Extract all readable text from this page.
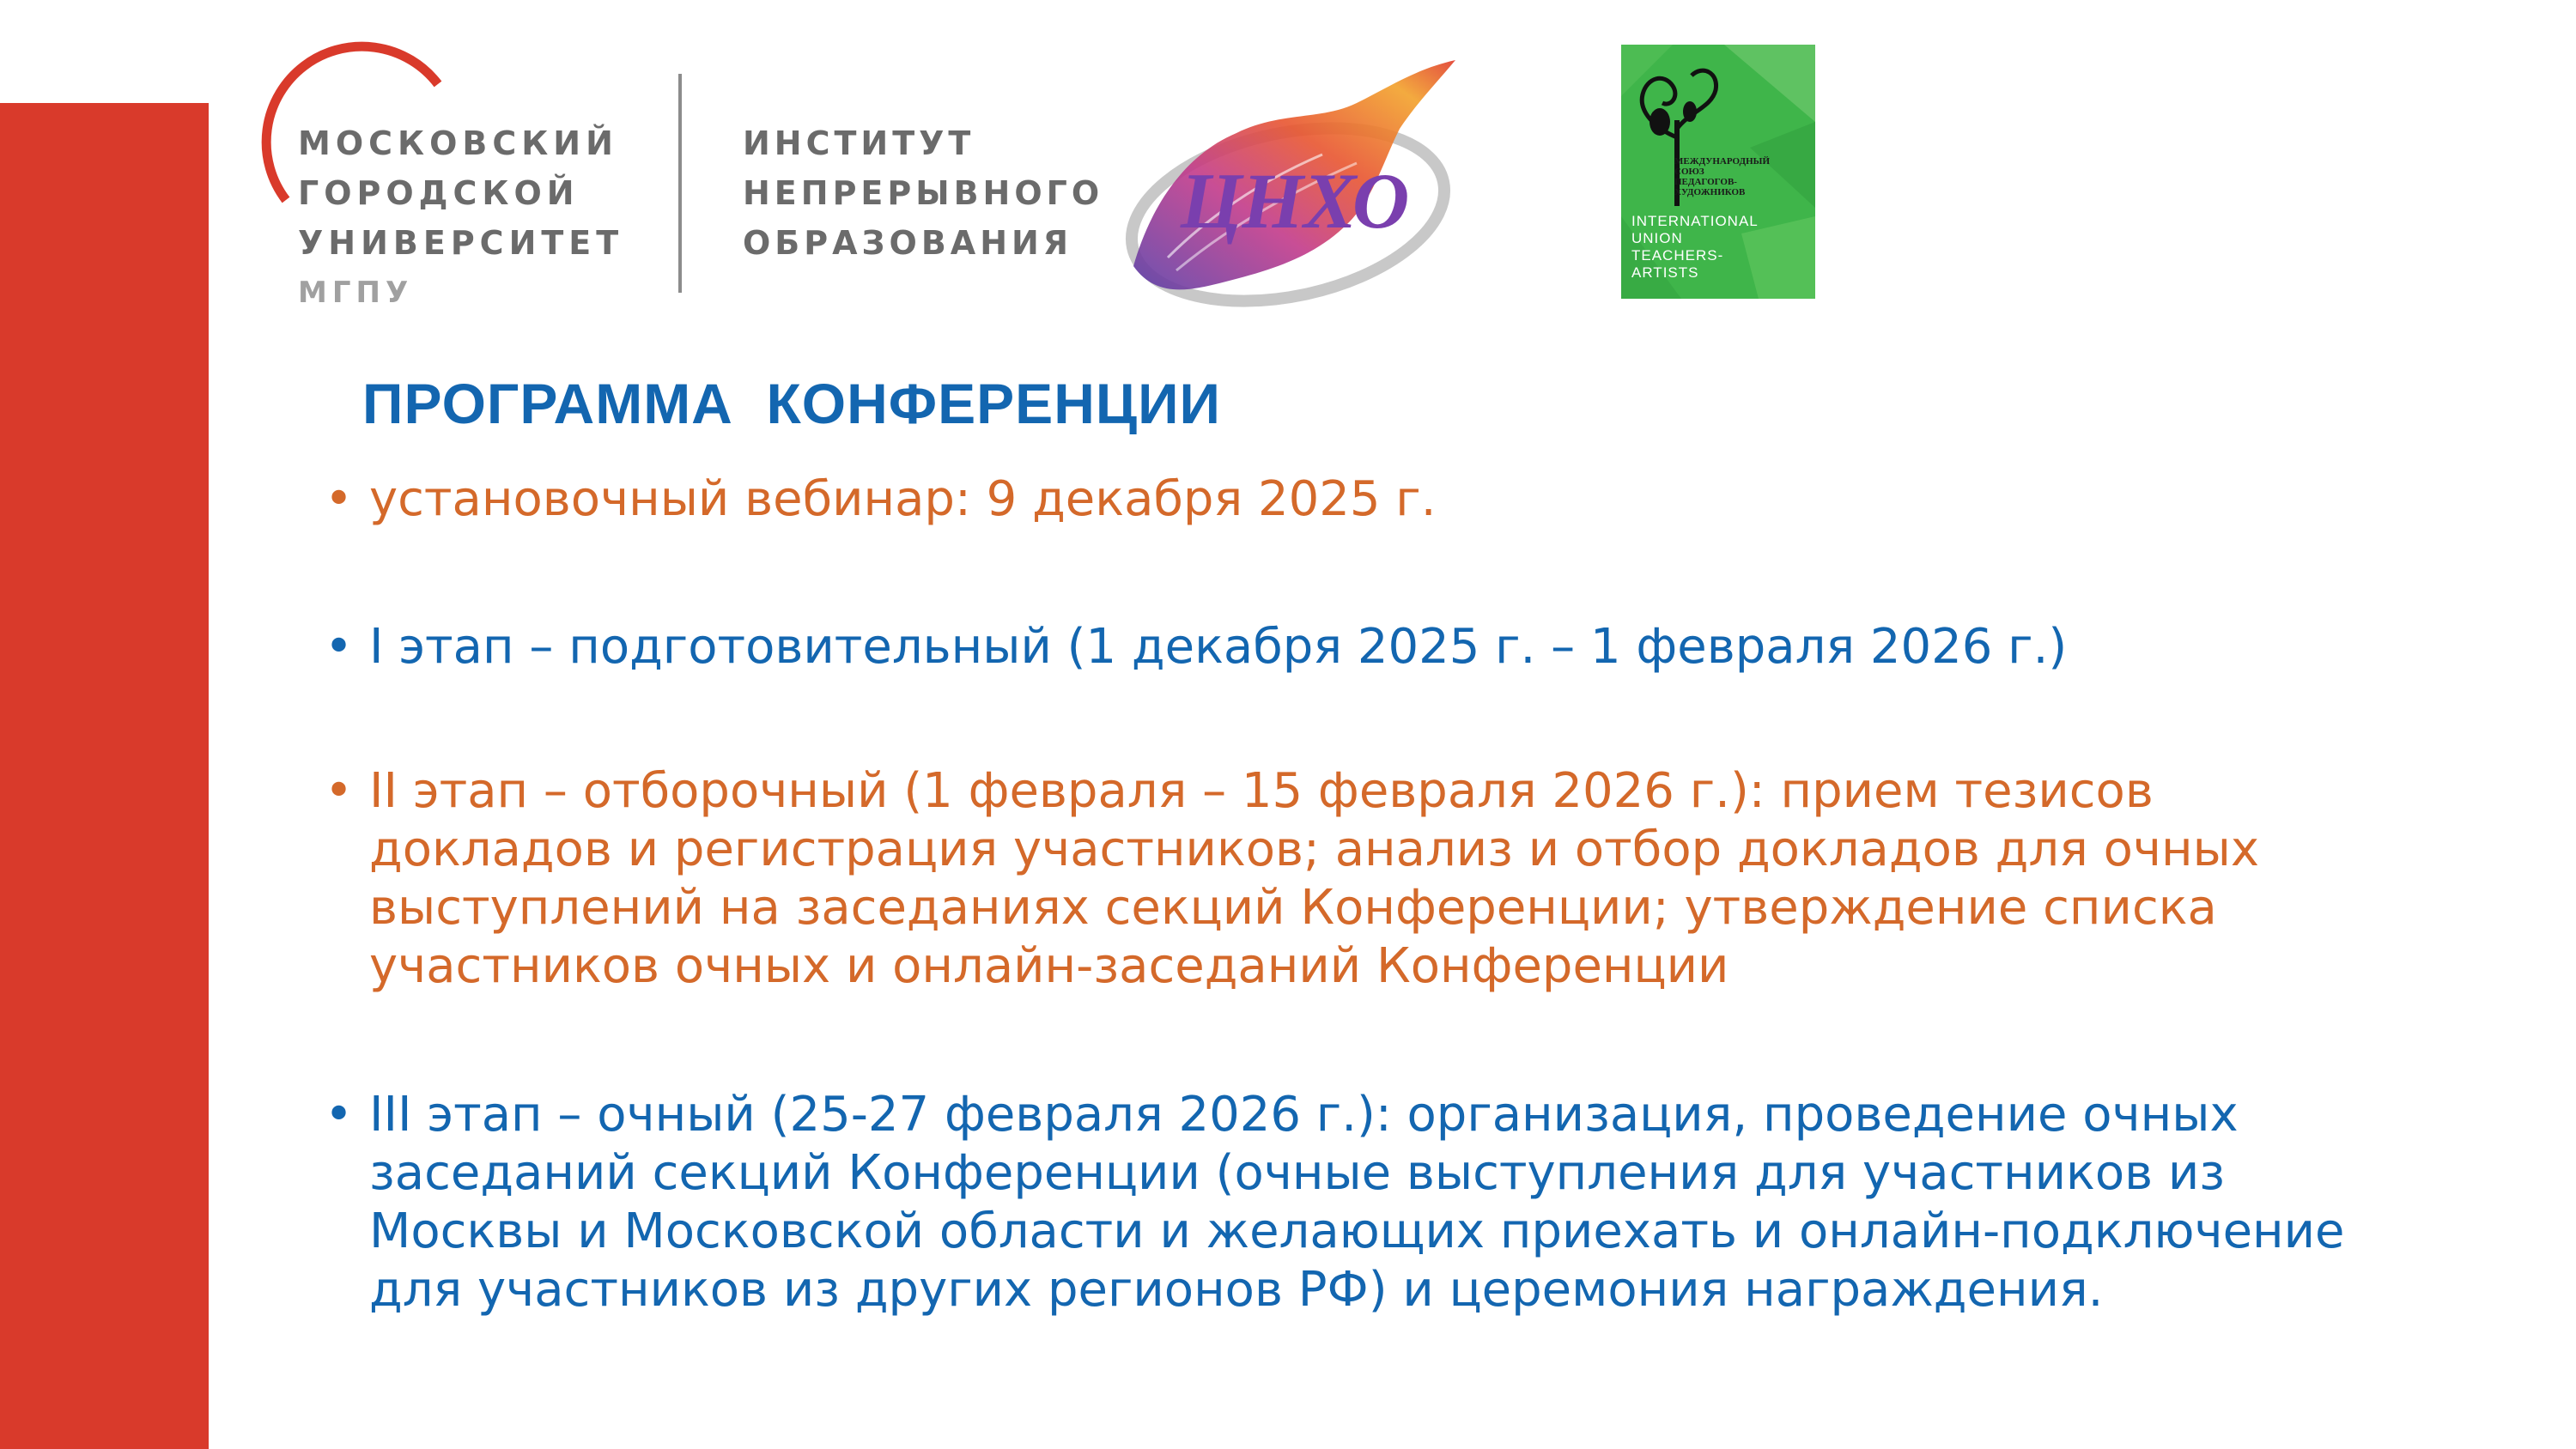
МОСКОВСКИЙ
ГОРОДСКОЙ
УНИВЕРСИТЕТ
МГПУ
ИНСТИТУТ
НЕПРЕРЫВНОГО
ОБРАЗОВАНИЯ	ЦНХО	МЕЖДУНАРОДНЫЙ
СОЮЗ
ПЕДАГОГОВ-
ХУДОЖНИКОВ
INTERNATIONAL
UNION
TEACHERS-
ARTISTS
ПРОГРАММА  КОНФЕРЕНЦИИ
• установочный вебинар: 9 декабря 2025 г.
• I этап – подготовительный (1 декабря 2025 г. – 1 февраля 2026 г.)
• II этап – отборочный (1 февраля – 15 февраля 2026 г.): прием тезисов
докладов и регистрация участников; анализ и отбор докладов для очных
выступлений на заседаниях секций Конференции; утверждение списка
участников очных и онлайн-заседаний Конференции
• III этап – очный (25-27 февраля 2026 г.): организация, проведение очных
заседаний секций Конференции (очные выступления для участников из
Москвы и Московской области и желающих приехать и онлайн-подключение
для участников из других регионов РФ) и церемония награждения.
